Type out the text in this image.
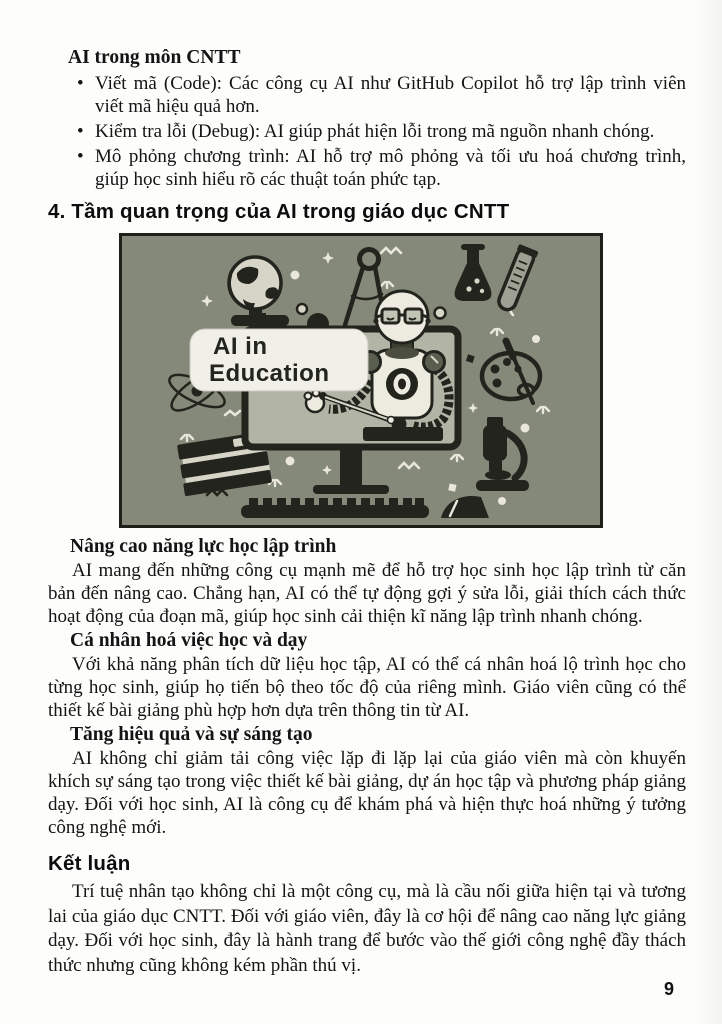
AI trong môn CNTT
• Viết mã (Code): Các công cụ AI như GitHub Copilot hỗ trợ lập trình viên viết mã hiệu quả hơn.
• Kiểm tra lỗi (Debug): AI giúp phát hiện lỗi trong mã nguồn nhanh chóng.
• Mô phỏng chương trình: AI hỗ trợ mô phỏng và tối ưu hoá chương trình, giúp học sinh hiểu rõ các thuật toán phức tạp.
4. Tầm quan trọng của AI trong giáo dục CNTT
AI in
Education
Nâng cao năng lực học lập trình

AI mang đến những công cụ mạnh mẽ để hỗ trợ học sinh học lập trình từ căn bản đến nâng cao. Chẳng hạn, AI có thể tự động gợi ý sửa lỗi, giải thích cách thức hoạt động của đoạn mã, giúp học sinh cải thiện kĩ năng lập trình nhanh chóng.

Cá nhân hoá việc học và dạy

Với khả năng phân tích dữ liệu học tập, AI có thể cá nhân hoá lộ trình học cho từng học sinh, giúp họ tiến bộ theo tốc độ của riêng mình. Giáo viên cũng có thể thiết kế bài giảng phù hợp hơn dựa trên thông tin từ AI.

Tăng hiệu quả và sự sáng tạo

AI không chỉ giảm tải công việc lặp đi lặp lại của giáo viên mà còn khuyến khích sự sáng tạo trong việc thiết kế bài giảng, dự án học tập và phương pháp giảng dạy. Đối với học sinh, AI là công cụ để khám phá và hiện thực hoá những ý tưởng công nghệ mới.

Kết luận

Trí tuệ nhân tạo không chỉ là một công cụ, mà là cầu nối giữa hiện tại và tương lai của giáo dục CNTT. Đối với giáo viên, đây là cơ hội để nâng cao năng lực giảng dạy. Đối với học sinh, đây là hành trang để bước vào thế giới công nghệ đầy thách thức nhưng cũng không kém phần thú vị.

9
